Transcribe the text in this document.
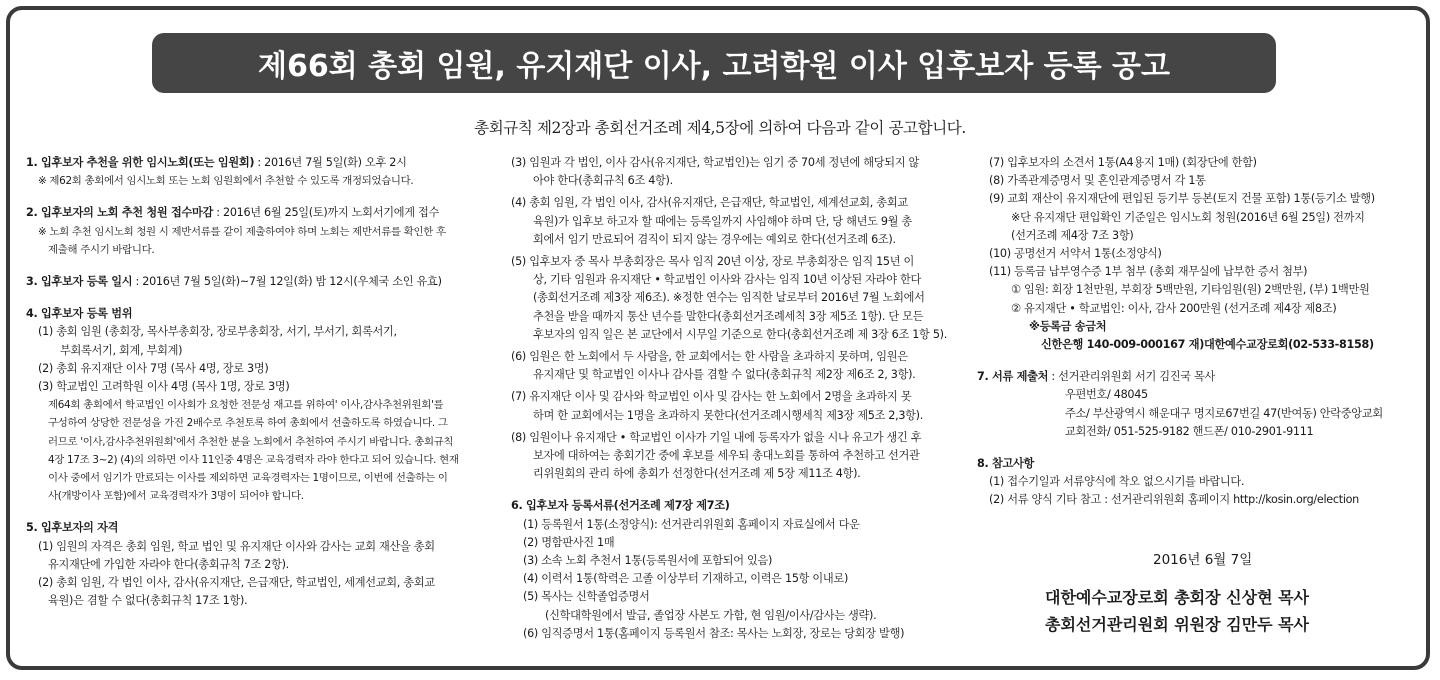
제66회 총회 임원, 유지재단 이사, 고려학원 이사 입후보자 등록 공고
총회규칙 제2장과 총회선거조례 제4,5장에 의하여 다음과 같이 공고합니다.
1. 입후보자 추천을 위한 임시노회(또는 임원회) : 2016년 7월 5일(화) 오후 2시
※ 제62회 총회에서 임시노회 또는 노회 임원회에서 추천할 수 있도록 개정되었습니다.
2. 입후보자의 노회 추천 청원 접수마감 : 2016년 6월 25일(토)까지 노회서기에게 접수
※ 노회 추천 임시노회 청원 시 제반서류를 같이 제출하여야 하며 노회는 제반서류를 확인한 후
제출해 주시기 바랍니다.
3. 입후보자 등록 일시 : 2016년 7월 5일(화)~7월 12일(화) 밤 12시(우체국 소인 유효)
4. 입후보자 등록 범위
(1) 총회 임원 (총회장, 목사부총회장, 장로부총회장, 서기, 부서기, 회록서기,
부회록서기, 회계, 부회계)
(2) 총회 유지재단 이사 7명 (목사 4명, 장로 3명)
(3) 학교법인 고려학원 이사 4명 (목사 1명, 장로 3명)
제64회 총회에서 학교법인 이사회가 요청한 전문성 재고를 위하여' 이사,감사추천위원회'를
구성하여 상당한 전문성을 가진 2배수로 추천토록 하여 총회에서 선출하도록 하였습니다. 그
러므로 '이사,감사추천위원회'에서 추천한 분을 노회에서 추천하여 주시기 바랍니다. 총회규칙
4장 17조 3~2) (4)의 의하면 이사 11인중 4명은 교육경력자 라야 한다고 되어 있습니다. 현재
이사 중에서 임기가 만료되는 이사를 제외하면 교육경력자는 1명이므로, 이번에 선출하는 이
사(개방이사 포함)에서 교육경력자가 3명이 되어야 합니다.
5. 입후보자의 자격
(1) 임원의 자격은 총회 임원, 학교 법인 및 유지재단 이사와 감사는 교회 재산을 총회
유지재단에 가입한 자라야 한다(총회규칙 7조 2항).
(2) 총회 임원, 각 법인 이사, 감사(유지재단, 은급재단, 학교법인, 세계선교회, 총회교
육원)은 겸할 수 없다(총회규칙 17조 1항).
(3) 임원과 각 법인, 이사 감사(유지재단, 학교법인)는 임기 중 70세 정년에 해당되지 않
아야 한다(총회규칙 6조 4항).
(4) 총회 임원, 각 법인 이사, 감사(유지재단, 은급재단, 학교법인, 세계선교회, 총회교
육원)가 입후보 하고자 할 때에는 등록일까지 사임해야 하며 단, 당 해년도 9월 총
회에서 임기 만료되어 겸직이 되지 않는 경우에는 예외로 한다(선거조례 6조).
(5) 입후보자 중 목사 부총회장은 목사 임직 20년 이상, 장로 부총회장은 임직 15년 이
상, 기타 임원과 유지재단 • 학교법인 이사와 감사는 임직 10년 이상된 자라야 한다
(총회선거조례 제3장 제6조). ※정한 연수는 임직한 날로부터 2016년 7월 노회에서
추천을 받을 때까지 통산 년수를 말한다(총회선거조례세칙 3장 제5조 1항). 단 모든
후보자의 임직 일은 본 교단에서 시무일 기준으로 한다(총회선거조례 제 3장 6조 1항 5).
(6) 임원은 한 노회에서 두 사람을, 한 교회에서는 한 사람을 초과하지 못하며, 임원은
유지재단 및 학교법인 이사나 감사를 겸할 수 없다(총회규칙 제2장 제6조 2, 3항).
(7) 유지재단 이사 및 감사와 학교법인 이사 및 감사는 한 노회에서 2명을 초과하지 못
하며 한 교회에서는 1명을 초과하지 못한다(선거조례시행세칙 제3장 제5조 2,3항).
(8) 임원이나 유지재단 • 학교법인 이사가 기일 내에 등록자가 없을 시나 유고가 생긴 후
보자에 대하여는 총회기간 중에 후보를 세우되 총대노회를 통하여 추천하고 선거관
리위원회의 관리 하에 총회가 선정한다(선거조례 제 5장 제11조 4항).
6. 입후보자 등록서류(선거조례 제7장 제7조)
(1) 등록원서 1통(소정양식): 선거관리위원회 홈페이지 자료실에서 다운
(2) 명함판사진 1매
(3) 소속 노회 추천서 1통(등록원서에 포함되어 있음)
(4) 이력서 1통(학력은 고졸 이상부터 기재하고, 이력은 15항 이내로)
(5) 목사는 신학졸업증명서
(신학대학원에서 발급, 졸업장 사본도 가함, 현 임원/이사/감사는 생략).
(6) 임직증명서 1통(홈페이지 등록원서 참조: 목사는 노회장, 장로는 당회장 발행)
(7) 입후보자의 소견서 1통(A4용지 1매) (회장단에 한함)
(8) 가족관계증명서 및 혼인관계증명서 각 1통
(9) 교회 재산이 유지재단에 편입된 등기부 등본(토지 건물 포함) 1통(등기소 발행)
※단 유지재단 편입확인 기준일은 임시노회 청원(2016년 6월 25일) 전까지
(선거조례 제4장 7조 3항)
(10) 공명선거 서약서 1통(소정양식)
(11) 등록금 납부영수증 1부 첨부 (총회 재무실에 납부한 증서 첨부)
① 임원: 회장 1천만원, 부회장 5백만원, 기타임원(원) 2백만원, (부) 1백만원
② 유지재단 • 학교법인: 이사, 감사 200만원 (선거조례 제4장 제8조)
※등록금 송금처
신한은행 140-009-000167 재)대한예수교장로회(02-533-8158)
7. 서류 제출처 : 선거관리위원회 서기 김진국 목사
우편번호/ 48045
주소/ 부산광역시 해운대구 명지로67번길 47(반여동) 안락중앙교회
교회전화/ 051-525-9182 핸드폰/ 010-2901-9111
8. 참고사항
(1) 접수기일과 서류양식에 착오 없으시기를 바랍니다.
(2) 서류 양식 기타 참고 : 선거관리위원회 홈페이지 http://kosin.org/election
2016년 6월 7일
대한예수교장로회 총회장 신상현 목사
총회선거관리원회 위원장 김만두 목사
